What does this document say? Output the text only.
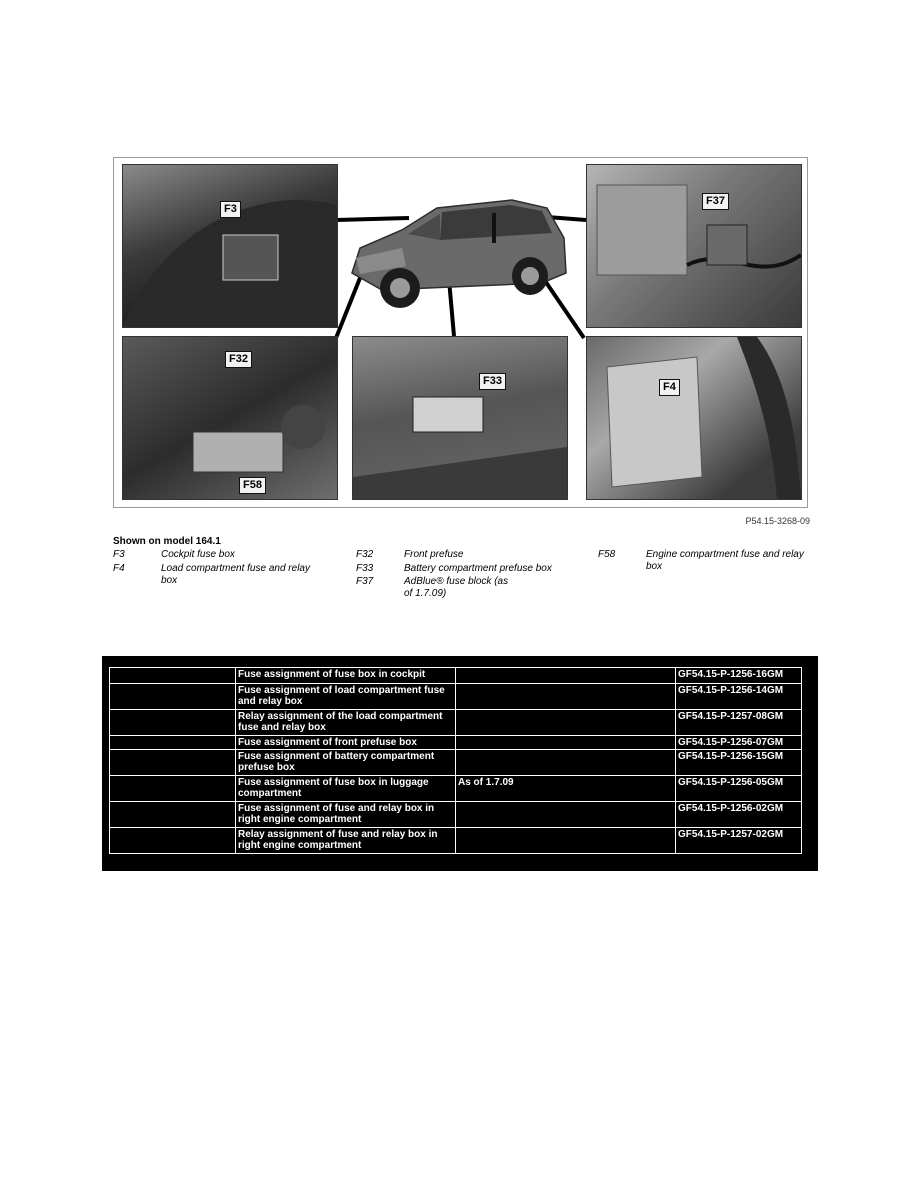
F3
F37
F32
F58
F33	F4
P54.15-3268-09
Shown on model 164.1
F3	Cockpit fuse box
F4	Load compartment fuse and relay box
F32	Front prefuse
F33	Battery compartment prefuse box
F37	AdBlue® fuse block (as of 1.7.09)
F58	Engine compartment fuse and relay box
	Fuse assignment of fuse box in cockpit		GF54.15-P-1256-16GM
	Fuse assignment of load compartment fuse and relay box		GF54.15-P-1256-14GM
	Relay assignment of the load compartment fuse and relay box		GF54.15-P-1257-08GM
	Fuse assignment of front prefuse box		GF54.15-P-1256-07GM
	Fuse assignment of battery compartment prefuse box		GF54.15-P-1256-15GM
	Fuse assignment of fuse box in luggage compartment	As of 1.7.09	GF54.15-P-1256-05GM
	Fuse assignment of fuse and relay box in right engine compartment		GF54.15-P-1256-02GM
	Relay assignment of fuse and relay box in right engine compartment		GF54.15-P-1257-02GM
